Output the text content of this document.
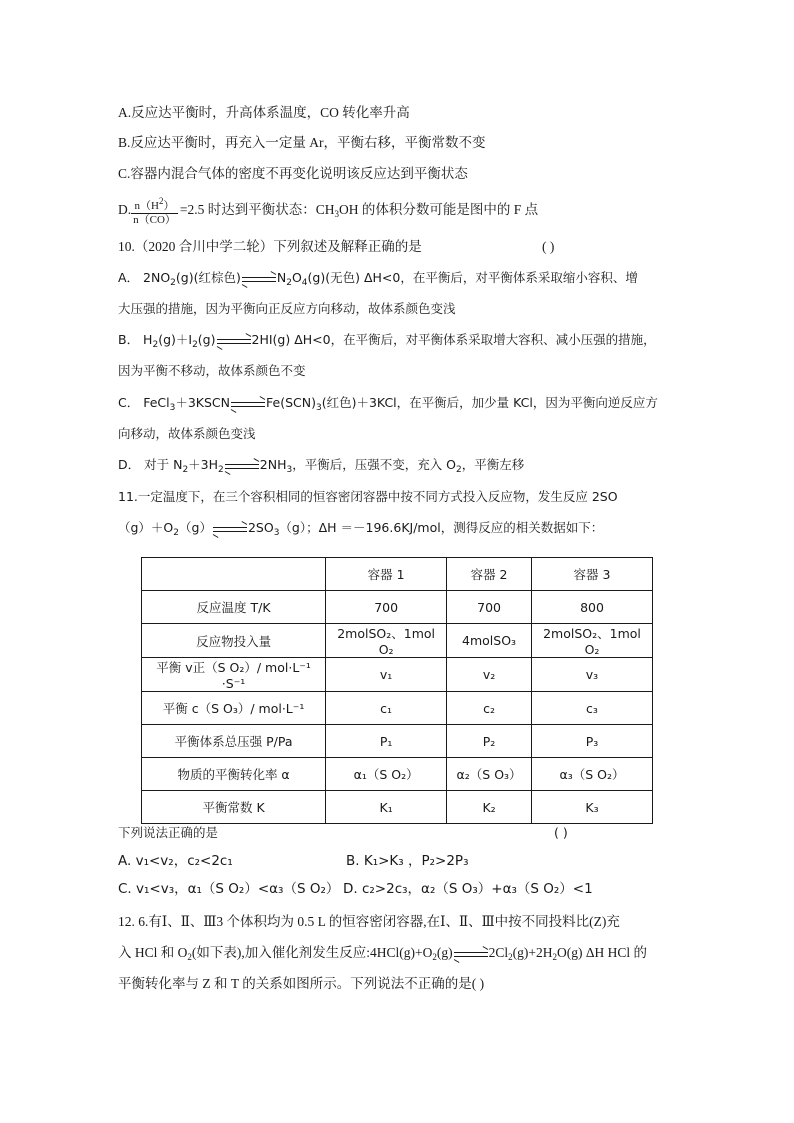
A.反应达平衡时，升高体系温度，CO 转化率升高
B.反应达平衡时，再充入一定量 Ar，平衡右移，平衡常数不变
C.容器内混合气体的密度不再变化说明该反应达到平衡状态
D. $\frac{n(H^2)}{n(CO)} =2.5$ 时达到平衡状态：$CH_3OH$ 的体积分数可能是图中的 F 点
10.（2020 合川中学二轮）下列叙述及解释正确的是	( )
A． $2NO_2(g)$(红棕色)	$N_2O_4(g)$(无色) ΔH<0，在平衡后，对平衡体系采取缩小容积、增
大压强的措施，因为平衡向正反应方向移动，故体系颜色变浅
B． $H_2(g)+I_2(g)$	2HI(g) ΔH<0，在平衡后，对平衡体系采取增大容积、减小压强的措施，
因为平衡不移动，故体系颜色不变
C． FeCl$_3$＋3KSCN	$Fe(SCN)_3$(红色)＋3KCl，在平衡后，加少量 KCl，因为平衡向逆反应方
向移动，故体系颜色变浅
D． 对于 $N_2+3H_2$	$2NH_3$，平衡后，压强不变，充入 $O_2$，平衡左移
11.一定温度下，在三个容积相同的恒容密闭容器中按不同方式投入反应物，发生反应 2SO
$(g)+O_2(g)$	$2SO_3(g)$；ΔH ＝－196.6KJ/mol，测得反应的相关数据如下：
	容器 1	容器 2	容器 3
反应温度 T/K	700	700	800
反应物投入量	2molSO₂、1mol O₂	4molSO₃	2molSO₂、1mol O₂
平衡 v正（S O₂）/ mol·L⁻¹ ·S⁻¹	v₁	v₂	v₃
平衡 c（S O₃）/ mol·L⁻¹	c₁	c₂	c₃
平衡体系总压强 P/Pa	P₁	P₂	P₃
物质的平衡转化率 α	α₁（S O₂）	α₂（S O₃）	α₃（S O₂）
平衡常数 K	K₁	K₂	K₃
下列说法正确的是	( )
A. v₁<v₂，c₂<2c₁	B. K₁>K₃ ，P₂>2P₃
C. v₁<v₃，α₁（S O₂）<α₃（S O₂） D. c₂>2c₃，α₂（S O₃）+α₃（S O₂）<1
12. 6.有Ⅰ、Ⅱ、Ⅲ3 个体积均为 0.5 L 的恒容密闭容器,在Ⅰ、Ⅱ、Ⅲ中按不同投料比(Z)充
入 HCl 和 $O_2$(如下表),加入催化剂发生反应$:4HCl(g)+O_2(g)$	$2Cl_2(g)+2H_2O(g)$ ΔH HCl 的
平衡转化率与 Z 和 T 的关系如图所示。下列说法不正确的是( )
